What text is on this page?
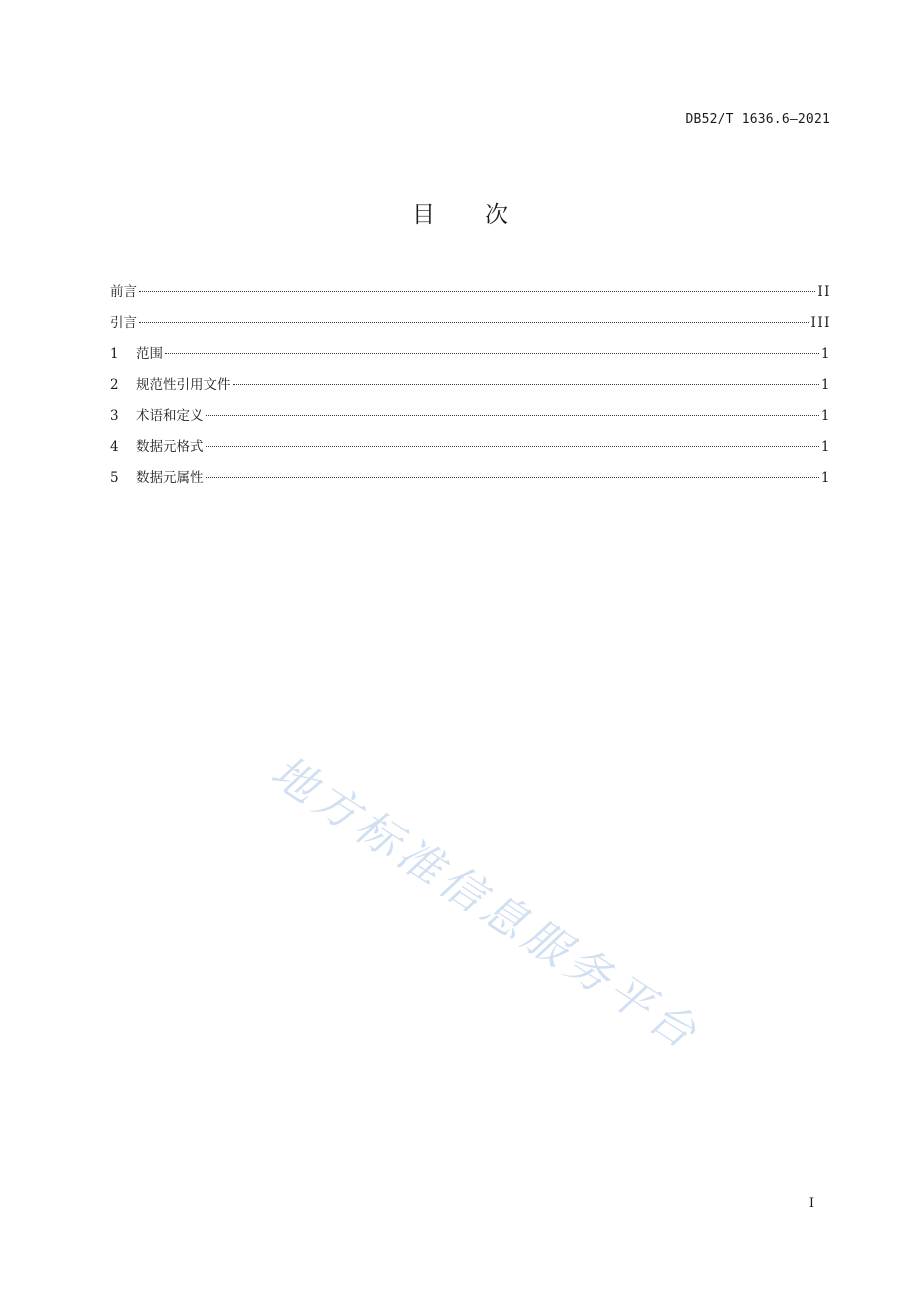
DB52/T 1636.6—2021
目次
前言	II
引言	III
1	范围	1
2	规范性引用文件	1
3	术语和定义	1
4	数据元格式	1
5	数据元属性	1
地方标准信息服务平台
I
